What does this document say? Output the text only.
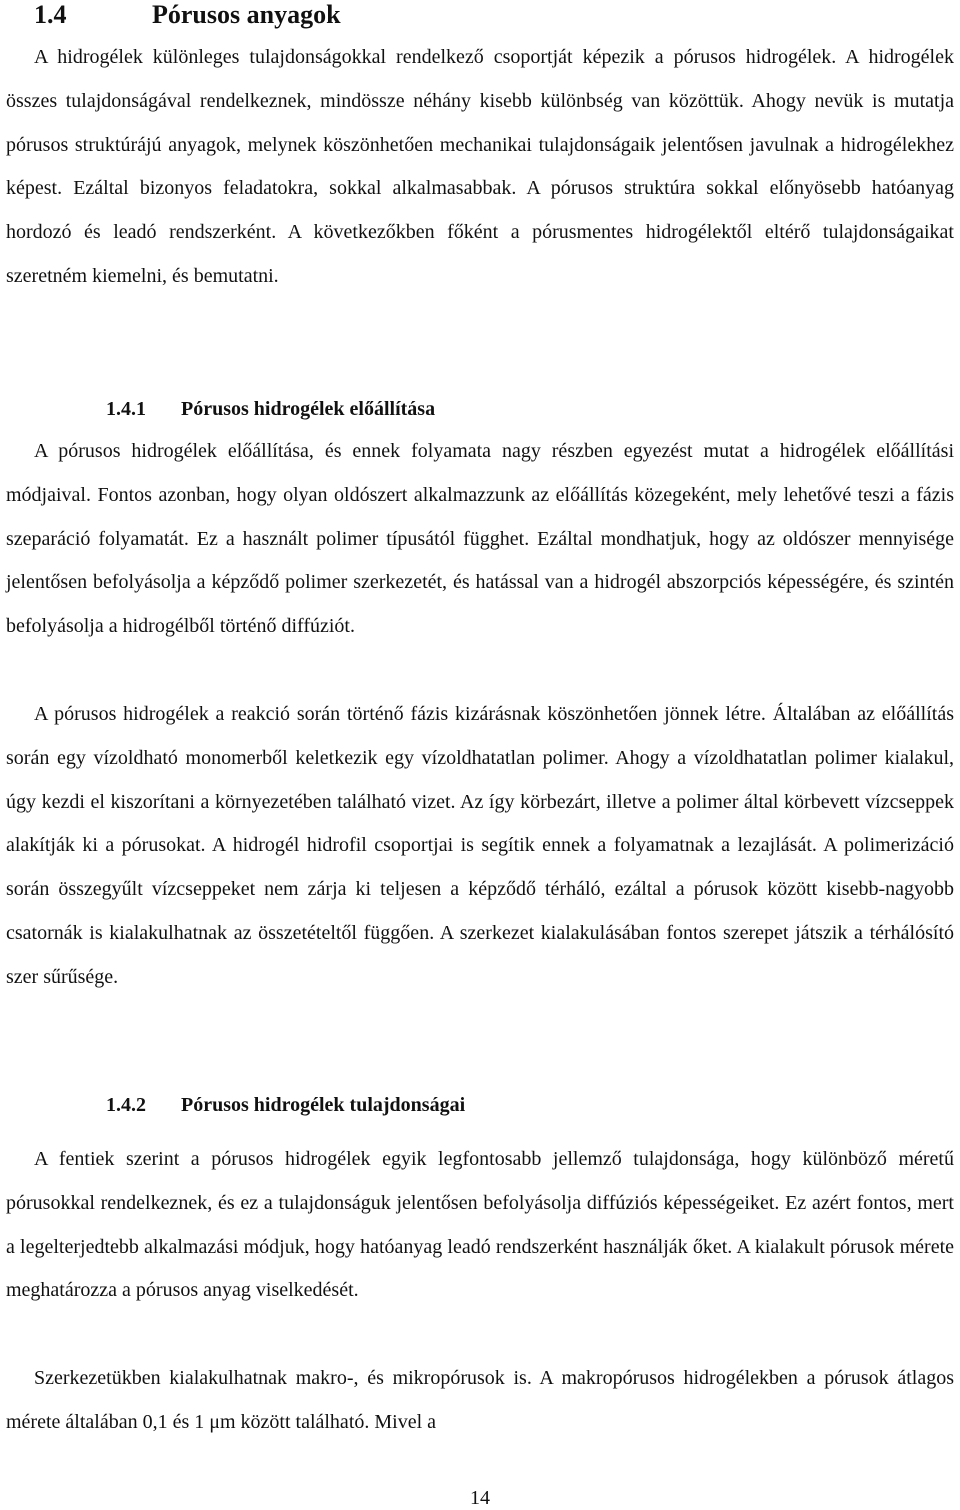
1.4	Pórusos anyagok

A hidrogélek különleges tulajdonságokkal rendelkező csoportját képezik a pórusos hidrogélek. A hidrogélek összes tulajdonságával rendelkeznek, mindössze néhány kisebb különbség van közöttük. Ahogy nevük is mutatja pórusos struktúrájú anyagok, melynek köszönhetően mechanikai tulajdonságaik jelentősen javulnak a hidrogélekhez képest. Ezáltal bizonyos feladatokra, sokkal alkalmasabbak. A pórusos struktúra sokkal előnyösebb hatóanyag hordozó és leadó rendszerként. A következőkben főként a pórusmentes hidrogélektől eltérő tulajdonságaikat szeretném kiemelni, és bemutatni.

1.4.1 Pórusos hidrogélek előállítása

A pórusos hidrogélek előállítása, és ennek folyamata nagy részben egyezést mutat a hidrogélek előállítási módjaival. Fontos azonban, hogy olyan oldószert alkalmazzunk az előállítás közegeként, mely lehetővé teszi a fázis szeparáció folyamatát. Ez a használt polimer típusától függhet. Ezáltal mondhatjuk, hogy az oldószer mennyisége jelentősen befolyásolja a képződő polimer szerkezetét, és hatással van a hidrogél abszorpciós képességére, és szintén befolyásolja a hidrogélből történő diffúziót.

A pórusos hidrogélek a reakció során történő fázis kizárásnak köszönhetően jönnek létre. Általában az előállítás során egy vízoldható monomerből keletkezik egy vízoldhatatlan polimer. Ahogy a vízoldhatatlan polimer kialakul, úgy kezdi el kiszorítani a környezetében található vizet. Az így körbezárt, illetve a polimer által körbevett vízcseppek alakítják ki a pórusokat. A hidrogél hidrofil csoportjai is segítik ennek a folyamatnak a lezajlását. A polimerizáció során összegyűlt vízcseppeket nem zárja ki teljesen a képződő térháló, ezáltal a pórusok között kisebb-nagyobb csatornák is kialakulhatnak az összetételtől függően. A szerkezet kialakulásában fontos szerepet játszik a térhálósító szer sűrűsége.

1.4.2 Pórusos hidrogélek tulajdonságai

A fentiek szerint a pórusos hidrogélek egyik legfontosabb jellemző tulajdonsága, hogy különböző méretű pórusokkal rendelkeznek, és ez a tulajdonságuk jelentősen befolyásolja diffúziós képességeiket. Ez azért fontos, mert a legelterjedtebb alkalmazási módjuk, hogy hatóanyag leadó rendszerként használják őket. A kialakult pórusok mérete meghatározza a pórusos anyag viselkedését.

Szerkezetükben kialakulhatnak makro-, és mikropórusok is. A makropórusos hidrogélekben a pórusok átlagos mérete általában 0,1 és 1 μm között található. Mivel a

14
